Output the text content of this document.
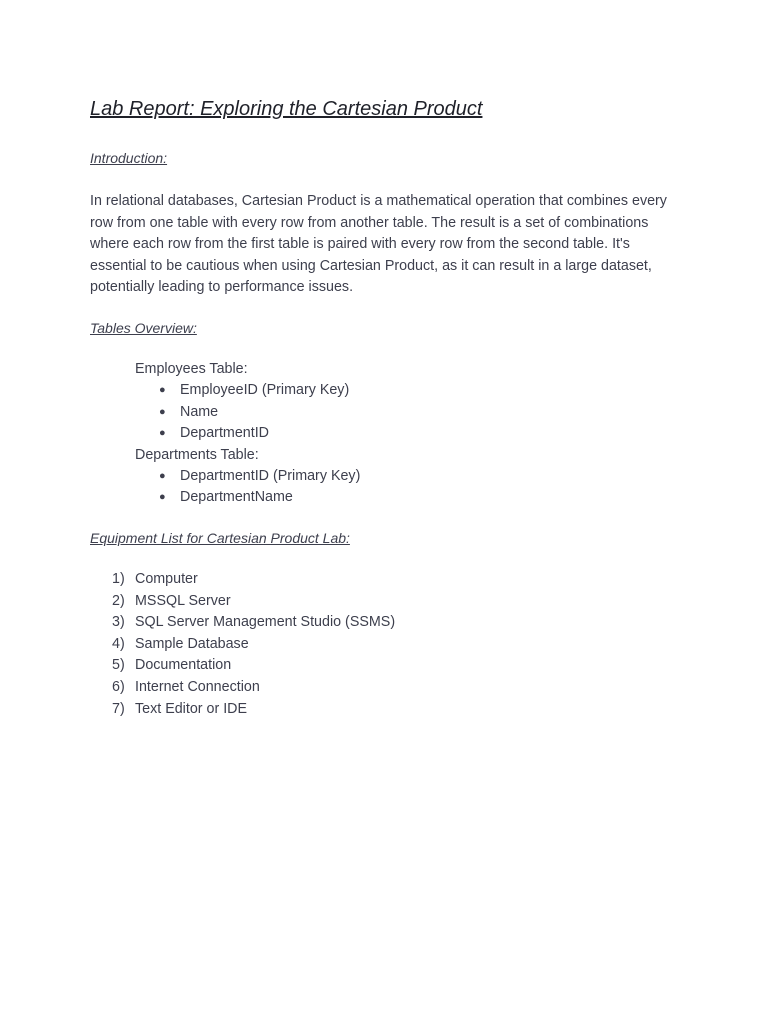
Lab Report: Exploring the Cartesian Product

Introduction:

In relational databases, Cartesian Product is a mathematical operation that combines every row from one table with every row from another table. The result is a set of combinations where each row from the first table is paired with every row from the second table. It's essential to be cautious when using Cartesian Product, as it can result in a large dataset, potentially leading to performance issues.

Tables Overview:

Employees Table:

● EmployeeID (Primary Key)
● Name
● DepartmentID

Departments Table:

● DepartmentID (Primary Key)
● DepartmentName

Equipment List for Cartesian Product Lab:

1) Computer
2) MSSQL Server
3) SQL Server Management Studio (SSMS)
4) Sample Database
5) Documentation
6) Internet Connection
7) Text Editor or IDE
